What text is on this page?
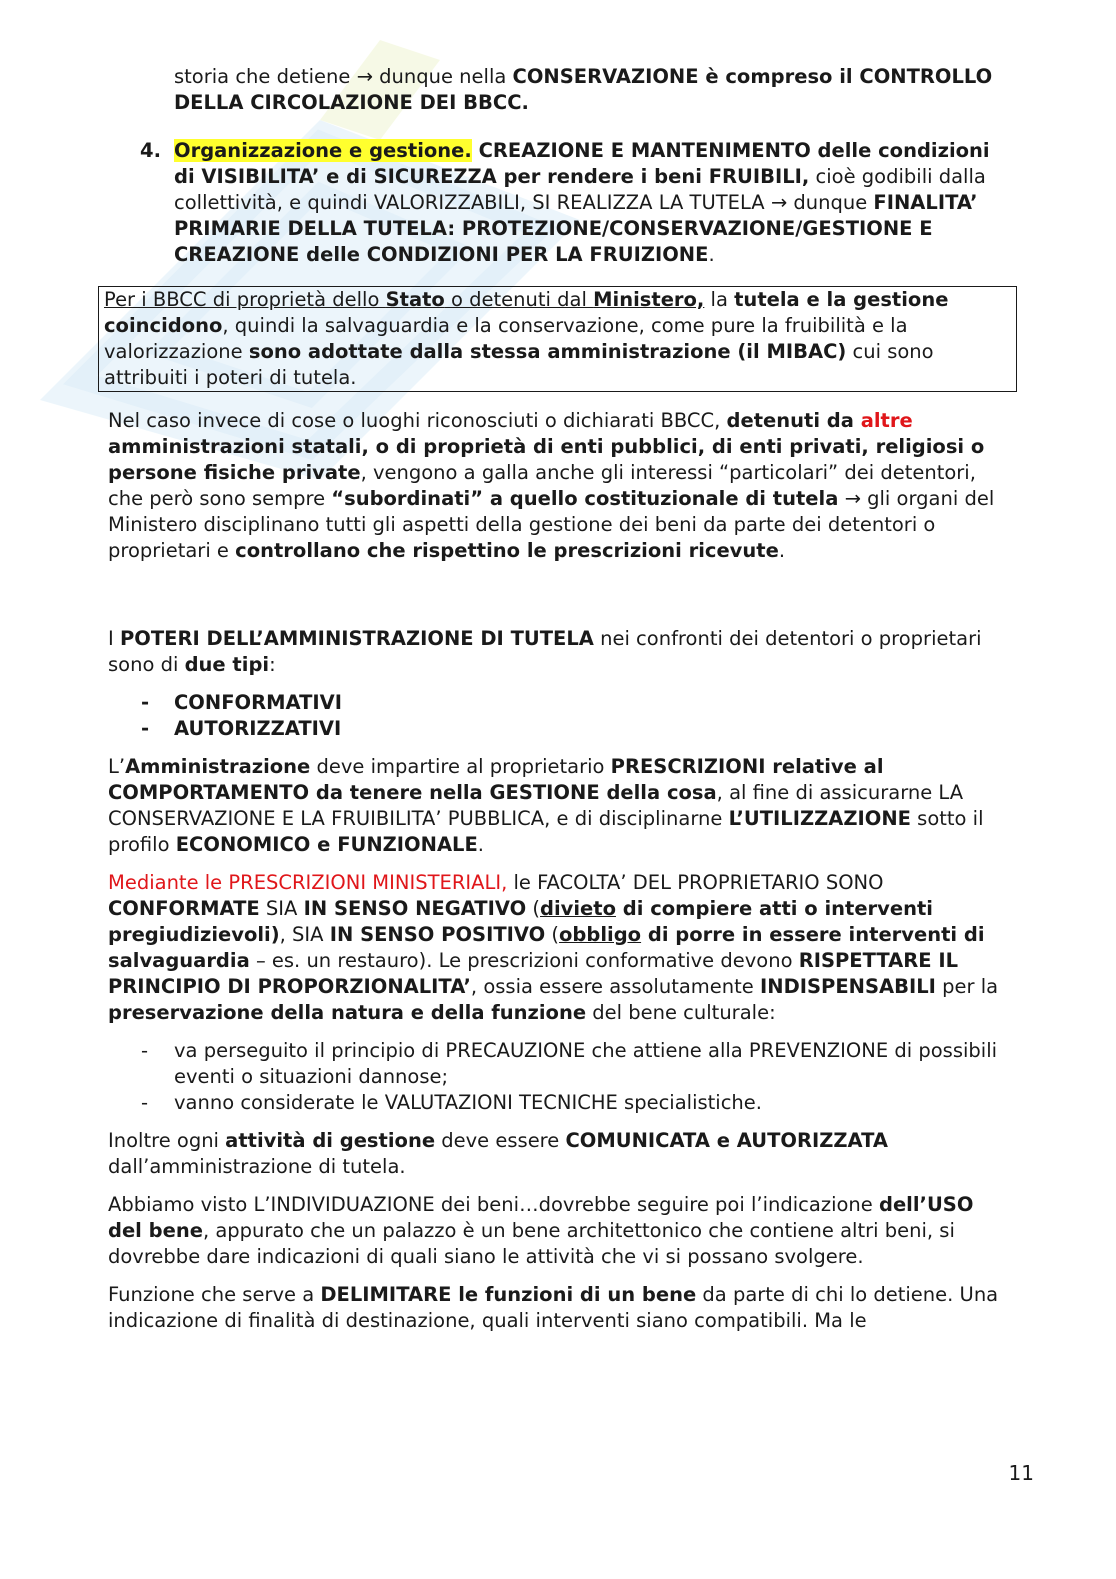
storia che detiene → dunque nella CONSERVAZIONE è compreso il CONTROLLO DELLA CIRCOLAZIONE DEI BBCC.

4. Organizzazione e gestione. CREAZIONE E MANTENIMENTO delle condizioni di VISIBILITA’ e di SICUREZZA per rendere i beni FRUIBILI, cioè godibili dalla collettività, e quindi VALORIZZABILI, SI REALIZZA LA TUTELA → dunque FINALITA’ PRIMARIE DELLA TUTELA: PROTEZIONE/CONSERVAZIONE/GESTIONE E CREAZIONE delle CONDIZIONI PER LA FRUIZIONE.

Per i BBCC di proprietà dello Stato o detenuti dal Ministero, la tutela e la gestione coincidono, quindi la salvaguardia e la conservazione, come pure la fruibilità e la valorizzazione sono adottate dalla stessa amministrazione (il MIBAC) cui sono attribuiti i poteri di tutela.

Nel caso invece di cose o luoghi riconosciuti o dichiarati BBCC, detenuti da altre amministrazioni statali, o di proprietà di enti pubblici, di enti privati, religiosi o persone fisiche private, vengono a galla anche gli interessi “particolari” dei detentori, che però sono sempre “subordinati” a quello costituzionale di tutela → gli organi del Ministero disciplinano tutti gli aspetti della gestione dei beni da parte dei detentori o proprietari e controllano che rispettino le prescrizioni ricevute.

I POTERI DELL’AMMINISTRAZIONE DI TUTELA nei confronti dei detentori o proprietari sono di due tipi:

- CONFORMATIVI
- AUTORIZZATIVI

L’Amministrazione deve impartire al proprietario PRESCRIZIONI relative al COMPORTAMENTO da tenere nella GESTIONE della cosa, al fine di assicurarne LA CONSERVAZIONE E LA FRUIBILITA’ PUBBLICA, e di disciplinarne L’UTILIZZAZIONE sotto il profilo ECONOMICO e FUNZIONALE.

Mediante le PRESCRIZIONI MINISTERIALI, le FACOLTA’ DEL PROPRIETARIO SONO CONFORMATE SIA IN SENSO NEGATIVO (divieto di compiere atti o interventi pregiudizievoli), SIA IN SENSO POSITIVO (obbligo di porre in essere interventi di salvaguardia – es. un restauro). Le prescrizioni conformative devono RISPETTARE IL PRINCIPIO DI PROPORZIONALITA’, ossia essere assolutamente INDISPENSABILI per la preservazione della natura e della funzione del bene culturale:

- va perseguito il principio di PRECAUZIONE che attiene alla PREVENZIONE di possibili eventi o situazioni dannose;
- vanno considerate le VALUTAZIONI TECNICHE specialistiche.

Inoltre ogni attività di gestione deve essere COMUNICATA e AUTORIZZATA dall’amministrazione di tutela.

Abbiamo visto L’INDIVIDUAZIONE dei beni…dovrebbe seguire poi l’indicazione dell’USO del bene, appurato che un palazzo è un bene architettonico che contiene altri beni, si dovrebbe dare indicazioni di quali siano le attività che vi si possano svolgere.

Funzione che serve a DELIMITARE le funzioni di un bene da parte di chi lo detiene. Una indicazione di finalità di destinazione, quali interventi siano compatibili. Ma le

11
